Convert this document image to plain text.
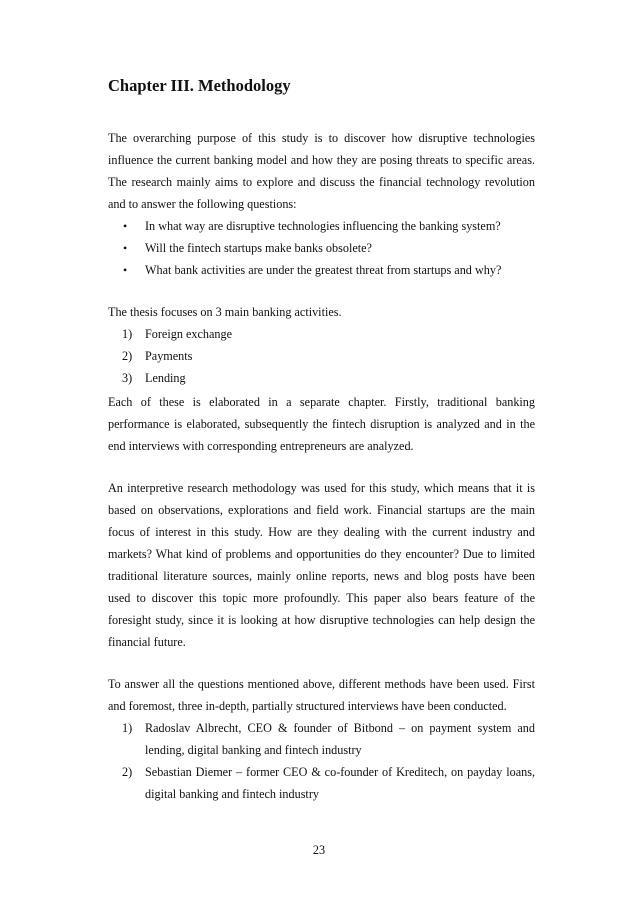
Chapter III. Methodology

The overarching purpose of this study is to discover how disruptive technologies influence the current banking model and how they are posing threats to specific areas. The research mainly aims to explore and discuss the financial technology revolution and to answer the following questions:

• In what way are disruptive technologies influencing the banking system?
• Will the fintech startups make banks obsolete?
• What bank activities are under the greatest threat from startups and why?

The thesis focuses on 3 main banking activities.

1) Foreign exchange
2) Payments
3) Lending

Each of these is elaborated in a separate chapter. Firstly, traditional banking performance is elaborated, subsequently the fintech disruption is analyzed and in the end interviews with corresponding entrepreneurs are analyzed.

An interpretive research methodology was used for this study, which means that it is based on observations, explorations and field work. Financial startups are the main focus of interest in this study. How are they dealing with the current industry and markets? What kind of problems and opportunities do they encounter? Due to limited traditional literature sources, mainly online reports, news and blog posts have been used to discover this topic more profoundly. This paper also bears feature of the foresight study, since it is looking at how disruptive technologies can help design the financial future.

To answer all the questions mentioned above, different methods have been used. First and foremost, three in-depth, partially structured interviews have been conducted.

1) Radoslav Albrecht, CEO & founder of Bitbond – on payment system and lending, digital banking and fintech industry
2) Sebastian Diemer – former CEO & co-founder of Kreditech, on payday loans, digital banking and fintech industry
23
